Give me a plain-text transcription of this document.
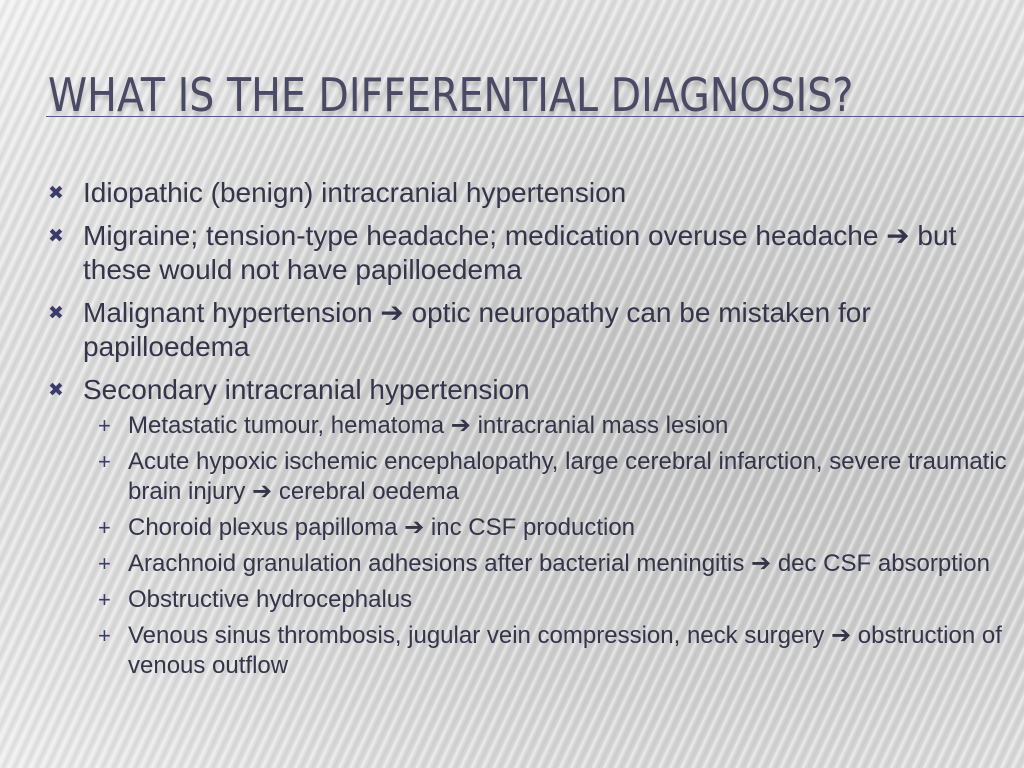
WHAT IS THE DIFFERENTIAL DIAGNOSIS?
✖ Idiopathic (benign) intracranial hypertension
✖ Migraine; tension-type headache; medication overuse headache ➔ but these would not have papilloedema
✖ Malignant hypertension ➔ optic neuropathy can be mistaken for papilloedema
✖ Secondary intracranial hypertension
+ Metastatic tumour, hematoma ➔ intracranial mass lesion
+ Acute hypoxic ischemic encephalopathy, large cerebral infarction, severe traumatic brain injury ➔ cerebral oedema
+ Choroid plexus papilloma ➔ inc CSF production
+ Arachnoid granulation adhesions after bacterial meningitis ➔ dec CSF absorption
+ Obstructive hydrocephalus
+ Venous sinus thrombosis, jugular vein compression, neck surgery ➔ obstruction of venous outflow
